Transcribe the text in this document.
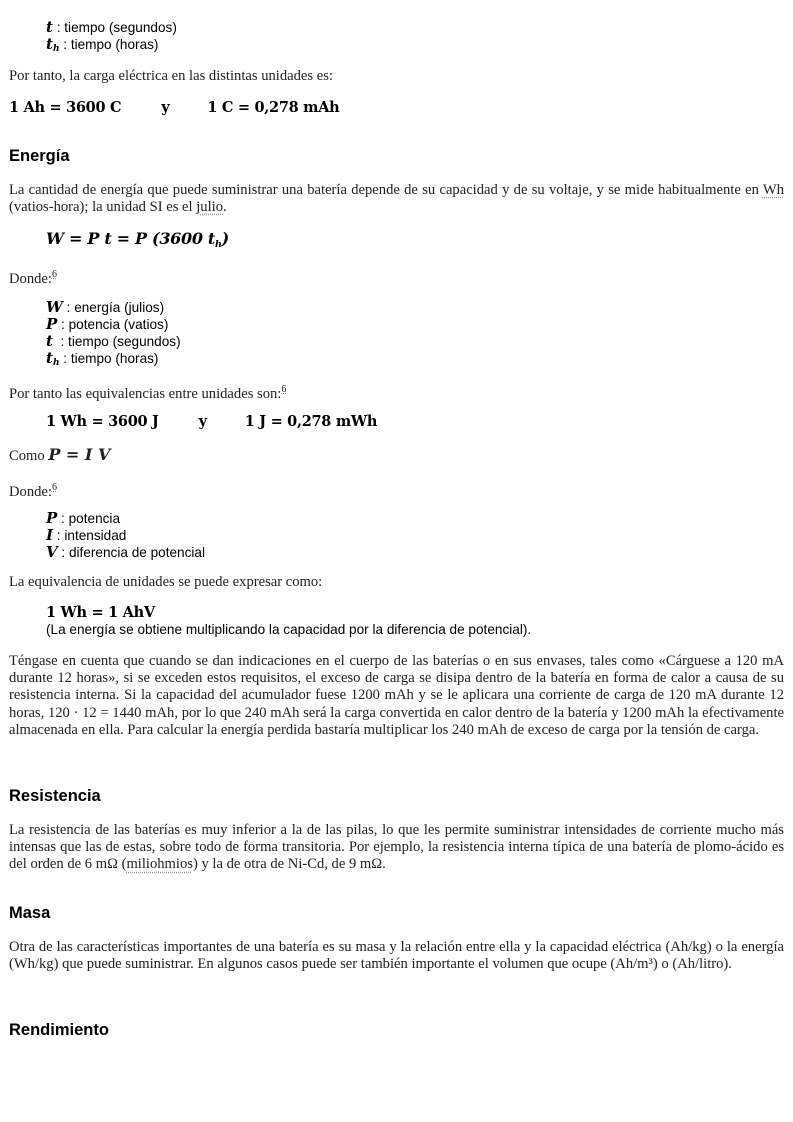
t : tiempo (segundos)
$t_h$ : tiempo (horas)
Por tanto, la carga eléctrica en las distintas unidades es:
1 Ah = 3600 C	y	1 C = 0,278 mAh
Energía
La cantidad de energía que puede suministrar una batería depende de su capacidad y de su voltaje, y se mide habitualmente en Wh (vatios-hora); la unidad SI es el julio.
W = P t = P (3600 $t_h$)
Donde:$^6$
W : energía (julios)
P : potencia (vatios)
t  : tiempo (segundos)
$t_h$ : tiempo (horas)
Por tanto las equivalencias entre unidades son:$^6$
1 Wh = 3600 J	y	1 J = 0,278 mWh
Como P = I V
Donde:$^6$
P : potencia
I : intensidad
V : diferencia de potencial
La equivalencia de unidades se puede expresar como:
1 Wh = 1 AhV
(La energía se obtiene multiplicando la capacidad por la diferencia de potencial).
Téngase en cuenta que cuando se dan indicaciones en el cuerpo de las baterías o en sus envases, tales como «Cárguese a 120 mA durante 12 horas», si se exceden estos requisitos, el exceso de carga se disipa dentro de la batería en forma de calor a causa de su resistencia interna. Si la capacidad del acumulador fuese 1200 mAh y se le aplicara una corriente de carga de 120 mA durante 12 horas, 120 · 12 = 1440 mAh, por lo que 240 mAh será la carga convertida en calor dentro de la batería y 1200 mAh la efectivamente almacenada en ella. Para calcular la energía perdida bastaría multiplicar los 240 mAh de exceso de carga por la tensión de carga.
Resistencia
La resistencia de las baterías es muy inferior a la de las pilas, lo que les permite suministrar intensidades de corriente mucho más intensas que las de estas, sobre todo de forma transitoria. Por ejemplo, la resistencia interna típica de una batería de plomo-ácido es del orden de 6 mΩ (miliohmios) y la de otra de Ni-Cd, de 9 mΩ.
Masa
Otra de las características importantes de una batería es su masa y la relación entre ella y la capacidad eléctrica (Ah/kg) o la energía (Wh/kg) que puede suministrar. En algunos casos puede ser también importante el volumen que ocupe (Ah/m³) o (Ah/litro).
Rendimiento
